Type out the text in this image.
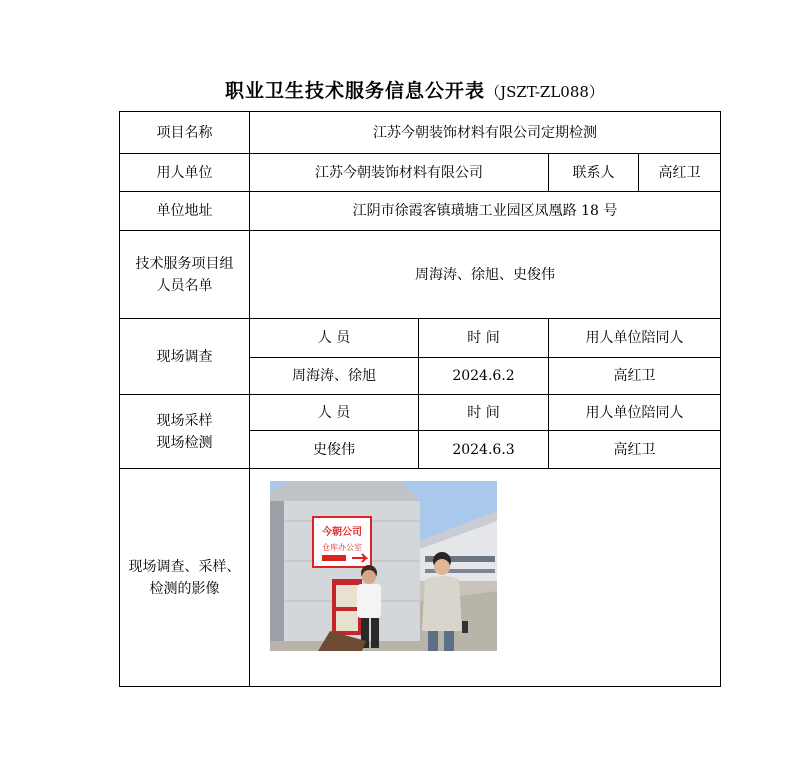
职业卫生技术服务信息公开表（JSZT-ZL088）
项目名称	江苏今朝装饰材料有限公司定期检测			
用人单位	江苏今朝装饰材料有限公司		联系人	高红卫
单位地址	江阴市徐霞客镇璜塘工业园区凤凰路 18 号			
技术服务项目组人员名单	周海涛、徐旭、史俊伟			
现场调查	人 员	时 间	用人单位陪同人	
	周海涛、徐旭	2024.6.2	高红卫	
现场采样现场检测	人 员	时 间	用人单位陪同人	
	史俊伟	2024.6.3	高红卫	
现场调查、采样、检测的影像	今朝公司
仓库办公室			
